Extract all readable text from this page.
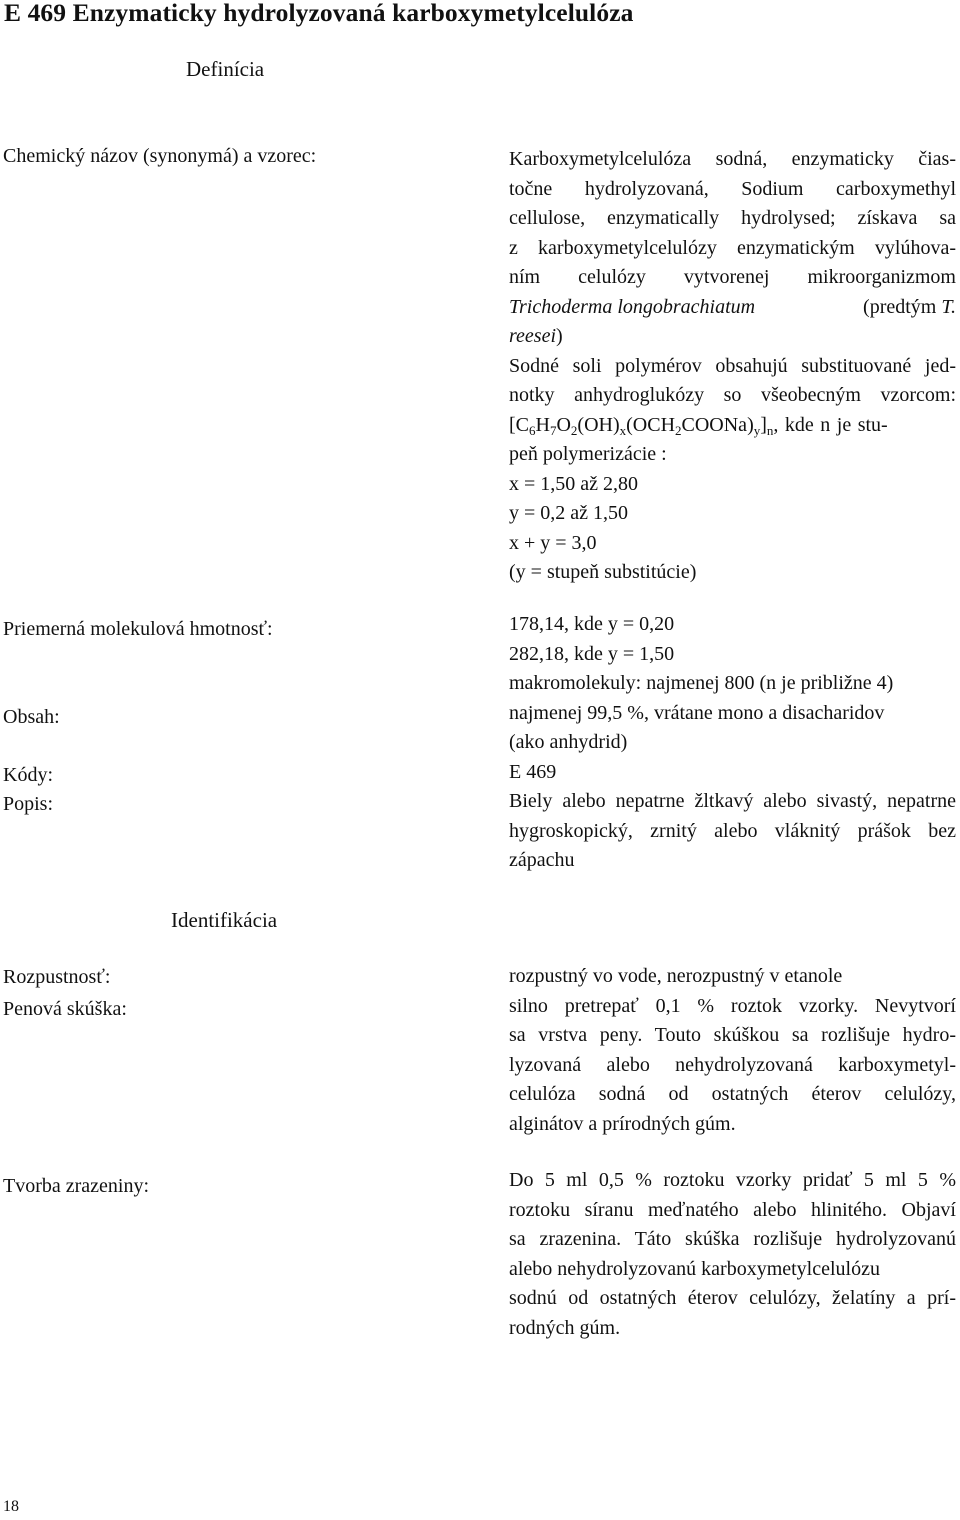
E 469 Enzymaticky hydrolyzovaná karboxymetylcelulóza
Definícia
Chemický názov (synonymá) a vzorec:
Priemerná molekulová hmotnosť:
Obsah:
Kódy:
Popis:
Karboxymetylcelulóza sodná, enzymaticky čias-
točne hydrolyzovaná, Sodium carboxymethyl
cellulose, enzymatically hydrolysed; získava sa
z karboxymetylcelulózy enzymatickým vylúhova-
ním celulózy vytvorenej mikroorganizmom
Trichoderma longobrachiatum	(predtým T.
reesei)
Sodné soli polymérov obsahujú substituované jed-
notky anhydroglukózy so všeobecným vzorcom:
$[C_6H_7O_2(OH)_x(OCH_2COONa)_y]_n$, kde n je stu-
peň polymerizácie :
x = 1,50 až 2,80
y = 0,2 až 1,50
x + y = 3,0
(y = stupeň substitúcie)
178,14, kde y = 0,20
282,18, kde y = 1,50
makromolekuly: najmenej 800 (n je približne 4)
najmenej 99,5 %, vrátane mono a disacharidov
(ako anhydrid)
E 469
Biely alebo nepatrne žltkavý alebo sivastý, nepatrne
hygroskopický, zrnitý alebo vláknitý prášok bez
zápachu
Identifikácia
Rozpustnosť:
Penová skúška:
Tvorba zrazeniny:
rozpustný vo vode, nerozpustný v etanole
silno pretrepať 0,1 % roztok vzorky. Nevytvorí
sa vrstva peny. Touto skúškou sa rozlišuje hydro-
lyzovaná alebo nehydrolyzovaná karboxymetyl-
celulóza sodná od ostatných éterov celulózy,
alginátov a prírodných gúm.
Do 5 ml 0,5 % roztoku vzorky pridať 5 ml 5 %
roztoku síranu meďnatého alebo hlinitého. Objaví
sa zrazenina. Táto skúška rozlišuje hydrolyzovanú
alebo nehydrolyzovanú karboxymetylcelulózu
sodnú od ostatných éterov celulózy, želatíny a prí-
rodných gúm.
18
